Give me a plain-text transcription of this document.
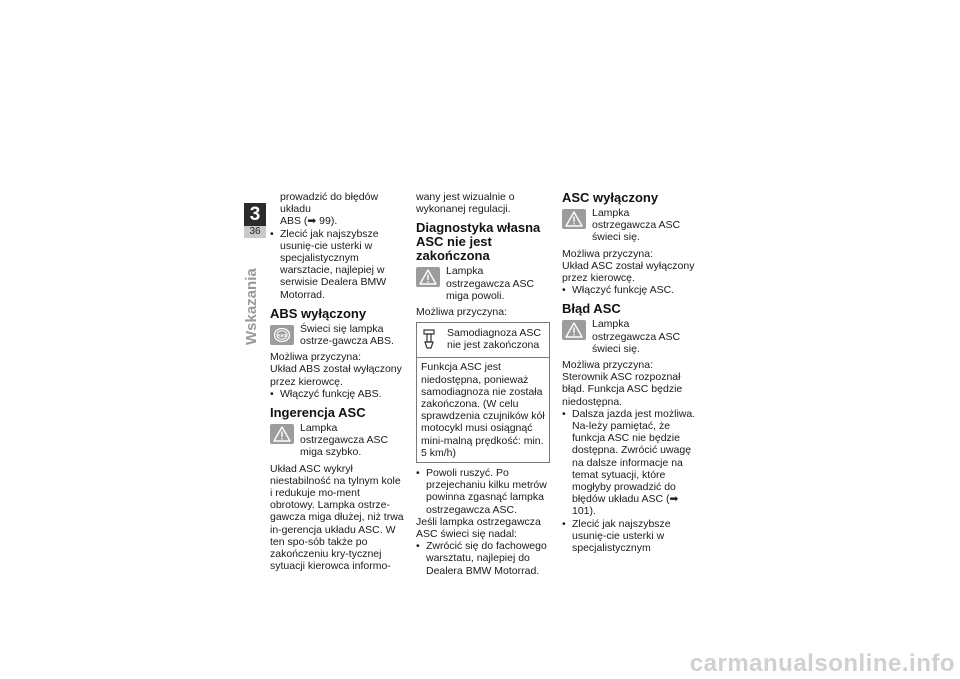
3
36
Wskazania

prowadzić do błędów układu

ABS (➡ 99).

• Zlecić jak najszybsze usunię-cie usterki w specjalistycznym warsztacie, najlepiej w serwisie Dealera BMW Motorrad.

ABS wyłączony
ABS
Świeci się lampka ostrze-gawcza ABS.

Możliwa przyczyna:

Układ ABS został wyłączony przez kierowcę.

• Włączyć funkcję ABS.

Ingerencja ASC
Lampka ostrzegawcza ASC miga szybko.

Układ ASC wykrył niestabilność na tylnym kole i redukuje mo-ment obrotowy. Lampka ostrze-gawcza miga dłużej, niż trwa in-gerencja układu ASC. W ten spo-sób także po zakończeniu kry-tycznej sytuacji kierowca informo-

wany jest wizualnie o wykonanej regulacji.

Diagnostyka własna ASC nie jest zakończona
Lampka ostrzegawcza ASC miga powoli.

Możliwa przyczyna:

Samodiagnoza ASC nie jest zakończona
Funkcja ASC jest niedostępna, ponieważ samodiagnoza nie została zakończona. (W celu sprawdzenia czujników kół motocykl musi osiągnąć mini-malną prędkość: min. 5 km/h)

• Powoli ruszyć. Po przejechaniu kilku metrów powinna zgasnąć lampka ostrzegawcza ASC.

Jeśli lampka ostrzegawcza ASC świeci się nadal:

• Zwrócić się do fachowego warsztatu, najlepiej do Dealera BMW Motorrad.

ASC wyłączony
Lampka ostrzegawcza ASC świeci się.

Możliwa przyczyna:

Układ ASC został wyłączony przez kierowcę.

• Włączyć funkcję ASC.

Błąd ASC
Lampka ostrzegawcza ASC świeci się.

Możliwa przyczyna:

Sterownik ASC rozpoznał błąd. Funkcja ASC będzie niedostępna.

• Dalsza jazda jest możliwa. Na-leży pamiętać, że funkcja ASC nie będzie dostępna. Zwrócić uwagę na dalsze informacje na temat sytuacji, które mogłyby prowadzić do błędów układu ASC (➡ 101).

• Zlecić jak najszybsze usunię-cie usterki w specjalistycznym

carmanualsonline.info
